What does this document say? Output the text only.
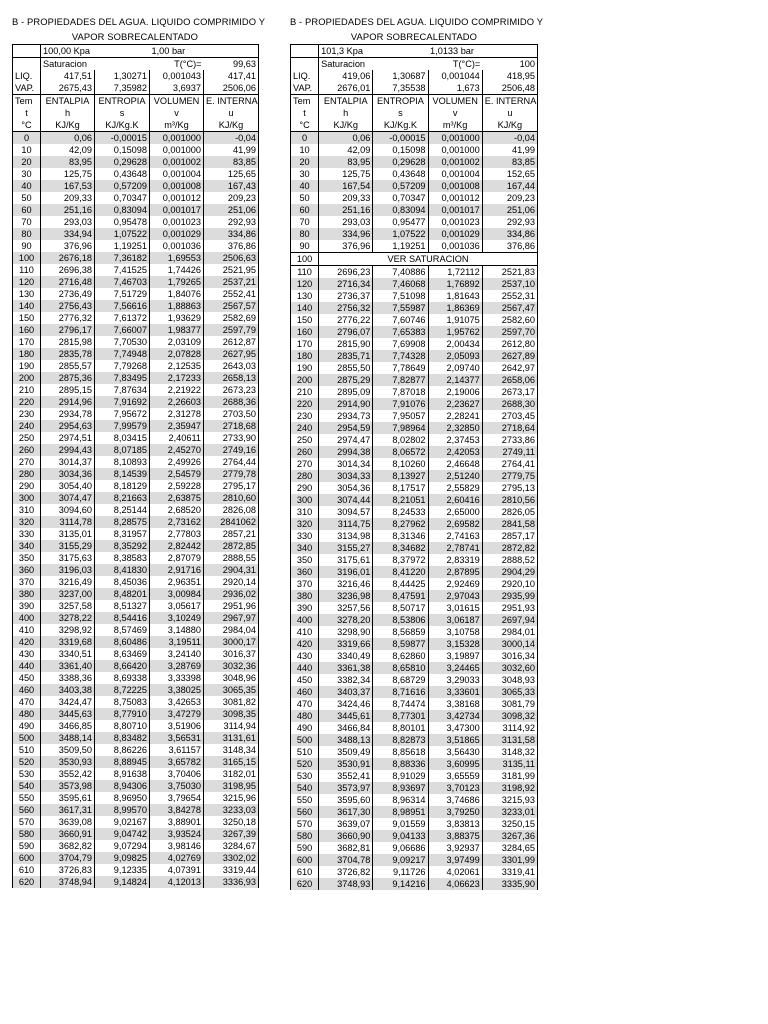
B - PROPIEDADES DEL AGUA. LIQUIDO COMPRIMIDO Y
VAPOR SOBRECALENTADO
	100,00 Kpa		1,00 bar	
	Saturacion		T(°C)=	99,63
LIQ.	417,51	1,30271	0,001043	417,41
VAP.	2675,43	7,35982	3,6937	2506,06
Tem	ENTALPIA	ENTROPIA	VOLUMEN	E. INTERNA
t	h	s	v	u
°C	KJ/Kg	KJ/Kg.K	m³/Kg	KJ/Kg
0	0,06	-0,00015	0,001000	-0,04
10	42,09	0,15098	0,001000	41,99
20	83,95	0,29628	0,001002	83,85
30	125,75	0,43648	0,001004	125,65
40	167,53	0,57209	0,001008	167,43
50	209,33	0,70347	0,001012	209,23
60	251,16	0,83094	0,001017	251,06
70	293,03	0,95478	0,001023	292,93
80	334,94	1,07522	0,001029	334,86
90	376,96	1,19251	0,001036	376,86
100	2676,18	7,36182	1,69553	2506,63
110	2696,38	7,41525	1,74426	2521,95
120	2716,48	7,46703	1,79265	2537,21
130	2736,49	7,51729	1,84076	2552,41
140	2756,43	7,56616	1,88863	2567,57
150	2776,32	7,61372	1,93629	2582,69
160	2796,17	7,66007	1,98377	2597,79
170	2815,98	7,70530	2,03109	2612,87
180	2835,78	7,74948	2,07828	2627,95
190	2855,57	7,79268	2,12535	2643,03
200	2875,36	7,83495	2,17233	2658,13
210	2895,15	7,87634	2,21922	2673,23
220	2914,96	7,91692	2,26603	2688,36
230	2934,78	7,95672	2,31278	2703,50
240	2954,63	7,99579	2,35947	2718,68
250	2974,51	8,03415	2,40611	2733,90
260	2994,43	8,07185	2,45270	2749,16
270	3014,37	8,10893	2,49926	2764,44
280	3034,36	8,14539	2,54579	2779,78
290	3054,40	8,18129	2,59228	2795,17
300	3074,47	8,21663	2,63875	2810,60
310	3094,60	8,25144	2,68520	2826,08
320	3114,78	8,28575	2,73162	2841062
330	3135,01	8,31957	2,77803	2857,21
340	3155,29	8,35292	2,82442	2872,85
350	3175,63	8,38583	2,87079	2888,55
360	3196,03	8,41830	2,91716	2904,31
370	3216,49	8,45036	2,96351	2920,14
380	3237,00	8,48201	3,00984	2936,02
390	3257,58	8,51327	3,05617	2951,96
400	3278,22	8,54416	3,10249	2967,97
410	3298,92	8,57469	3,14880	2984,04
420	3319,68	8,60486	3,19511	3000,17
430	3340,51	8,63469	3,24140	3016,37
440	3361,40	8,66420	3,28769	3032,36
450	3388,36	8,69338	3,33398	3048,96
460	3403,38	8,72225	3,38025	3065,35
470	3424,47	8,75083	3,42653	3081,82
480	3445,63	8,77910	3,47279	3098,35
490	3466,85	8,80710	3,51906	3114,94
500	3488,14	8,83482	3,56531	3131,61
510	3509,50	8,86226	3,61157	3148,34
520	3530,93	8,88945	3,65782	3165,15
530	3552,42	8,91638	3,70406	3182,01
540	3573,98	8,94306	3,75030	3198,95
550	3595,61	8,96950	3,79654	3215,96
560	3617,31	8,99570	3,84278	3233,03
570	3639,08	9,02167	3,88901	3250,18
580	3660,91	9,04742	3,93524	3267,39
590	3682,82	9,07294	3,98146	3284,67
600	3704,79	9,09825	4,02769	3302,02
610	3726,83	9,12335	4,07391	3319,44
620	3748,94	9,14824	4,12013	3336,93
B - PROPIEDADES DEL AGUA. LIQUIDO COMPRIMIDO Y
VAPOR SOBRECALENTADO
	101,3 Kpa		1,0133 bar	
	Saturacion		T(°C)=	100
LIQ.	419,06	1,30687	0,001044	418,95
VAP.	2676,01	7,35538	1,673	2506,48
Tem	ENTALPIA	ENTROPIA	VOLUMEN	E. INTERNA
t	h	s	v	u
°C	KJ/Kg	KJ/Kg.K	m³/Kg	KJ/Kg
0	0,06	-0,00015	0,001000	-0,04
10	42,09	0,15098	0,001000	41,99
20	83,95	0,29628	0,001002	83,85
30	125,75	0,43648	0,001004	152,65
40	167,54	0,57209	0,001008	167,44
50	209,33	0,70347	0,001012	209,23
60	251,16	0,83094	0,001017	251,06
70	293,03	0,95477	0,001023	292,93
80	334,96	1,07522	0,001029	334,86
90	376,96	1,19251	0,001036	376,86
100	VER SATURACION			
110	2696,23	7,40886	1,72112	2521,83
120	2716,34	7,46068	1,76892	2537,10
130	2736,37	7,51098	1,81643	2552,31
140	2756,32	7,55987	1,86369	2567,47
150	2776,22	7,60746	1,91075	2582,60
160	2796,07	7,65383	1,95762	2597,70
170	2815,90	7,69908	2,00434	2612,80
180	2835,71	7,74328	2,05093	2627,89
190	2855,50	7,78649	2,09740	2642,97
200	2875,29	7,82877	2,14377	2658,06
210	2895,09	7,87018	2,19006	2673,17
220	2914,90	7,91076	2,23627	2688,30
230	2934,73	7,95057	2,28241	2703,45
240	2954,59	7,98964	2,32850	2718,64
250	2974,47	8,02802	2,37453	2733,86
260	2994,38	8,06572	2,42053	2749,11
270	3014,34	8,10260	2,46648	2764,41
280	3034,33	8,13927	2,51240	2779,75
290	3054,36	8,17517	2,55829	2795,13
300	3074,44	8,21051	2,60416	2810,56
310	3094,57	8,24533	2,65000	2826,05
320	3114,75	8,27962	2,69582	2841,58
330	3134,98	8,31346	2,74163	2857,17
340	3155,27	8,34682	2,78741	2872,82
350	3175,61	8,37972	2,83319	2888,52
360	3196,01	8,41220	2,87895	2904,29
370	3216,46	8,44425	2,92469	2920,10
380	3236,98	8,47591	2,97043	2935,99
390	3257,56	8,50717	3,01615	2951,93
400	3278,20	8,53806	3,06187	2697,94
410	3298,90	8,56859	3,10758	2984,01
420	3319,66	8,59877	3,15328	3000,14
430	3340,49	8,62860	3,19897	3016,34
440	3361,38	8,65810	3,24465	3032,60
450	3382,34	8,68729	3,29033	3048,93
460	3403,37	8,71616	3,33601	3065,33
470	3424,46	8,74474	3,38168	3081,79
480	3445,61	8,77301	3,42734	3098,32
490	3466,84	8,80101	3,47300	3114,92
500	3488,13	8,82873	3,51865	3131,58
510	3509,49	8,85618	3,56430	3148,32
520	3530,91	8,88336	3,60995	3135,11
530	3552,41	8,91029	3,65559	3181,99
540	3573,97	8,93697	3,70123	3198,92
550	3595,60	8,96314	3,74686	3215,93
560	3617,30	8,98951	3,79250	3233,01
570	3639,07	9,01559	3,83813	3250,15
580	3660,90	9,04133	3,88375	3267,36
590	3682,81	9,06686	3,92937	3284,65
600	3704,78	9,09217	3,97499	3301,99
610	3726,82	9,11726	4,02061	3319,41
620	3748,93	9,14216	4,06623	3335,90
